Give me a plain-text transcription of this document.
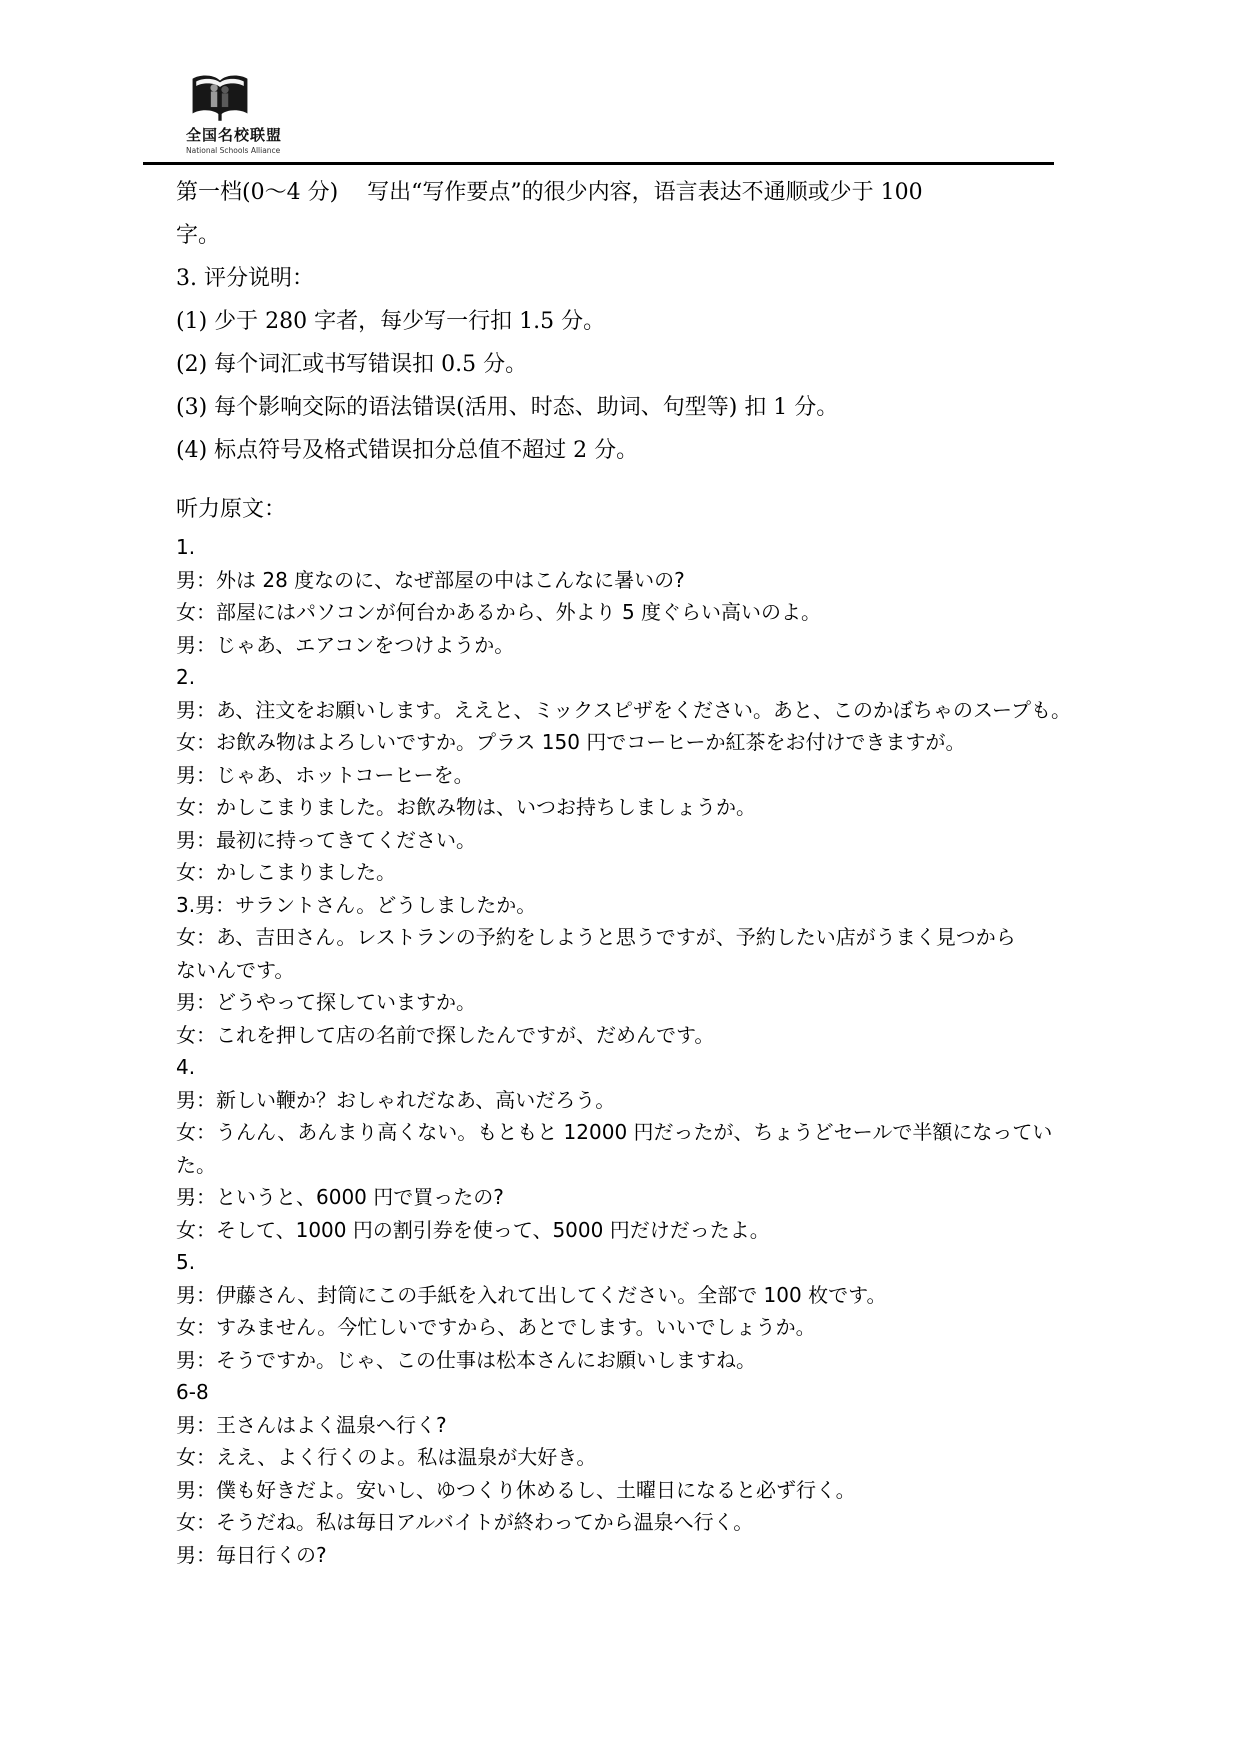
全国名校联盟
National Schools Alliance
第一档(0～4 分)　 写出“写作要点”的很少内容，语言表达不通顺或少于 100
字。
3. 评分说明：
(1) 少于 280 字者，每少写一行扣 1.5 分。
(2) 每个词汇或书写错误扣 0.5 分。
(3) 每个影响交际的语法错误(活用、时态、助词、句型等) 扣 1 分。
(4) 标点符号及格式错误扣分总值不超过 2 分。
听力原文：
1.
男：外は 28 度なのに、なぜ部屋の中はこんなに暑いの?
女：部屋にはパソコンが何台かあるから、外より 5 度ぐらい高いのよ。
男：じゃあ、エアコンをつけようか。
2.
男：あ、注文をお願いします。ええと、ミックスピザをください。あと、このかぼちゃのスープも。
女：お飲み物はよろしいですか。プラス 150 円でコーヒーか紅茶をお付けできますが。
男：じゃあ、ホットコーヒーを。
女：かしこまりました。お飲み物は、いつお持ちしましょうか。
男：最初に持ってきてください。
女：かしこまりました。
3.男：サラントさん。どうしましたか。
女：あ、吉田さん。レストランの予約をしようと思うですが、予約したい店がうまく見つから
ないんです。
男：どうやって探していますか。
女：これを押して店の名前で探したんですが、だめんです。
4.
男：新しい鞭か？おしゃれだなあ、高いだろう。
女：うんん、あんまり高くない。もともと 12000 円だったが、ちょうどセールで半額になってい
た。
男：というと、6000 円で買ったの?
女：そして、1000 円の割引券を使って、5000 円だけだったよ。
5.
男：伊藤さん、封筒にこの手紙を入れて出してください。全部で 100 枚です。
女：すみません。今忙しいですから、あとでします。いいでしょうか。
男：そうですか。じゃ、この仕事は松本さんにお願いしますね。
6-8
男：王さんはよく温泉へ行く?
女：ええ、よく行くのよ。私は温泉が大好き。
男：僕も好きだよ。安いし、ゆつくり休めるし、土曜日になると必ず行く。
女：そうだね。私は毎日アルバイトが終わってから温泉へ行く。
男：毎日行くの?
